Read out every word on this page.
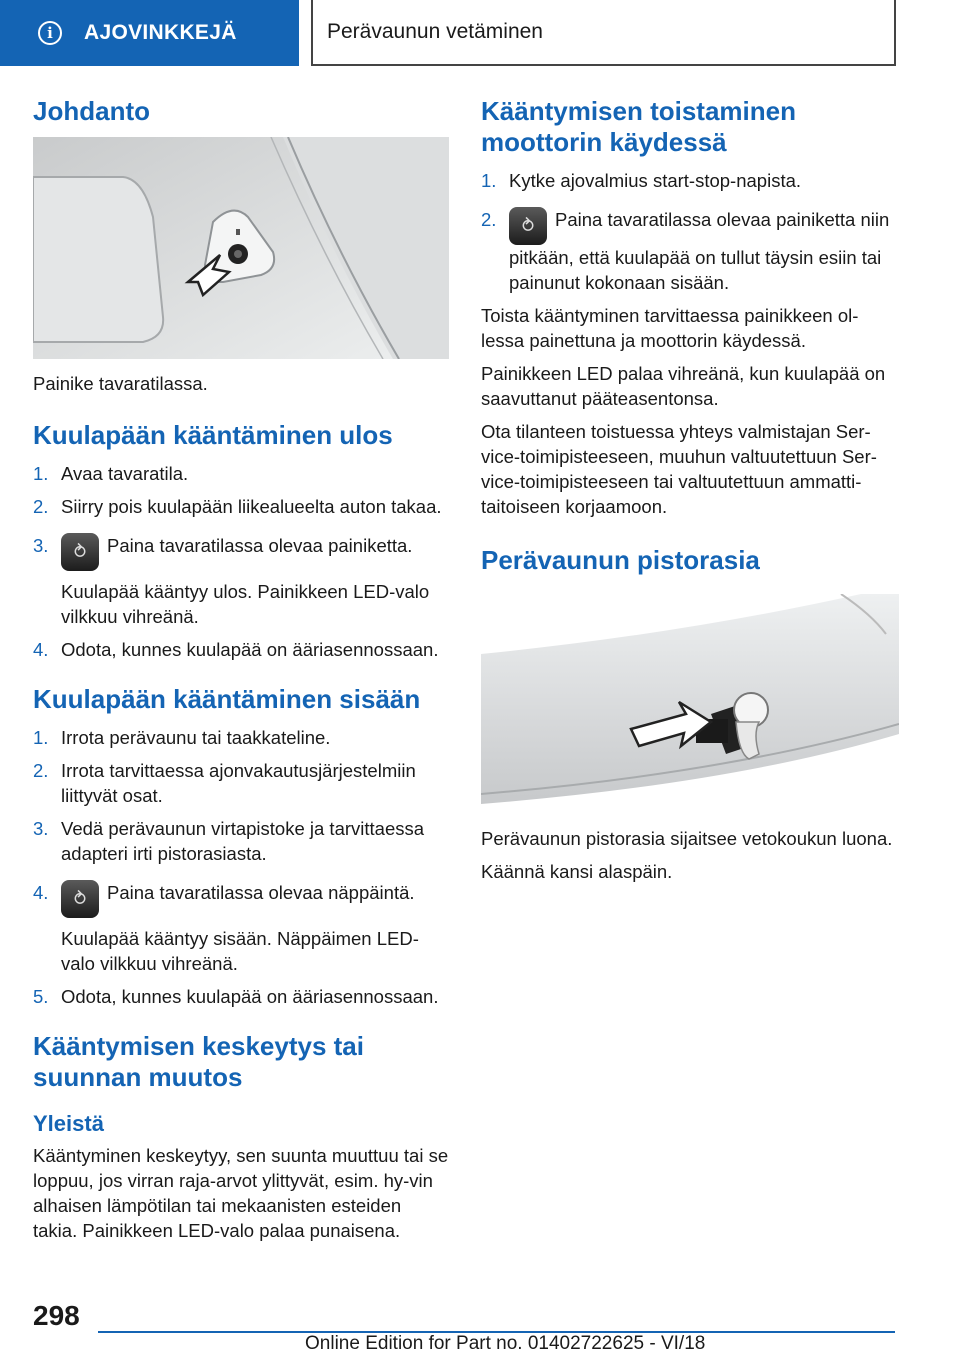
i	AJOVINKKEJÄ	Perävaunun vetäminen
Johdanto

Painike tavaratilassa.

Kuulapään kääntäminen ulos
1. Avaa tavaratila.
2. Siirry pois kuulapään liikealueelta auton takaa.
3.	⥁ Paina tavaratilassa olevaa painiketta.
Kuulapää kääntyy ulos. Painikkeen LED-valo vilkkuu vihreänä.
4. Odota, kunnes kuulapää on ääriasennossaan.
Kuulapään kääntäminen sisään
1. Irrota perävaunu tai taakkateline.
2. Irrota tarvittaessa ajonvakautusjärjestelmiin liittyvät osat.
3. Vedä perävaunun virtapistoke ja tarvittaessa adapteri irti pistorasiasta.
4.	⥁ Paina tavaratilassa olevaa näppäintä.
Kuulapää kääntyy sisään. Näppäimen LED-valo vilkkuu vihreänä.
5. Odota, kunnes kuulapää on ääriasennossaan.
Kääntymisen keskeytys tai suunnan muutos
Yleistä

Kääntyminen keskeytyy, sen suunta muuttuu tai se loppuu, jos virran raja-arvot ylittyvät, esim. hy-vin alhaisen lämpötilan tai mekaanisten esteiden takia. Painikkeen LED-valo palaa punaisena.

Kääntymisen toistaminen moottorin käydessä
1. Kytke ajovalmius start-stop-napista.
2.	⥁ Paina tavaratilassa olevaa painiketta niin pitkään, että kuulapää on tullut täysin esiin tai painunut kokonaan sisään.

Toista kääntyminen tarvittaessa painikkeen ol-lessa painettuna ja moottorin käydessä.

Painikkeen LED palaa vihreänä, kun kuulapää on saavuttanut pääteasentonsa.

Ota tilanteen toistuessa yhteys valmistajan Ser-vice-toimipisteeseen, muuhun valtuutettuun Ser-vice-toimipisteeseen tai valtuutettuun ammatti-taitoiseen korjaamoon.

Perävaunun pistorasia

Perävaunun pistorasia sijaitsee vetokoukun luona.

Käännä kansi alaspäin.

298
Online Edition for Part no. 01402722625 - VI/18
